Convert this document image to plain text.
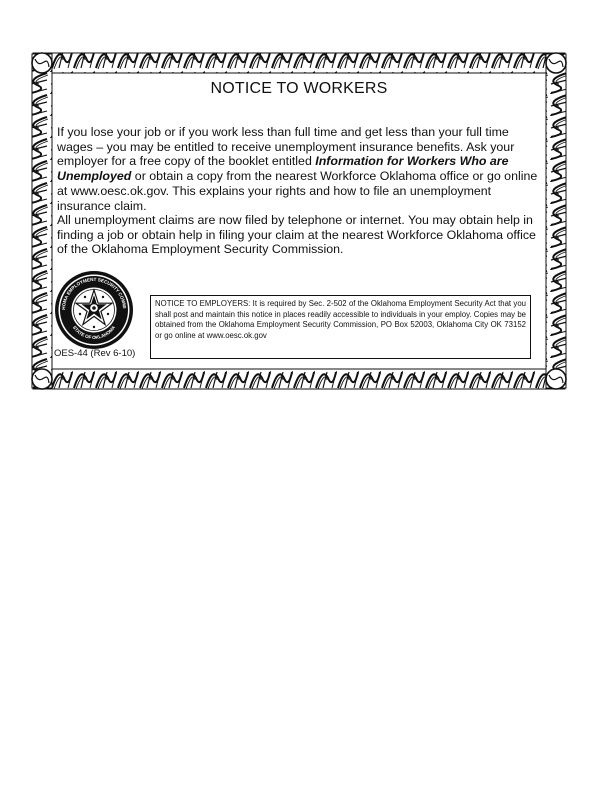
NOTICE TO WORKERS
If you lose your job or if you work less than full time and get less than your full time wages – you may be entitled to receive unemployment insurance benefits. Ask your employer for a free copy of the booklet entitled Information for Workers Who are Unemployed or obtain a copy from the nearest Workforce Oklahoma office or go online at www.oesc.ok.gov. This explains your rights and how to file an unemployment insurance claim.
All unemployment claims are now filed by telephone or internet. You may obtain help in finding a job or obtain help in filing your claim at the nearest Workforce Oklahoma office of the Oklahoma Employment Security Commission.
HOMA EMPLOYMENT SECURITY COMMI
STATE OF OKLAHOMA
OES-44 (Rev 6-10)
NOTICE TO EMPLOYERS: It is required by Sec. 2-502 of the Oklahoma Employment Security Act that you shall post and maintain this notice in places readily accessible to individuals in your employ. Copies may be obtained from the Oklahoma Employment Security Commission, PO Box 52003, Oklahoma City OK 73152 or go online at www.oesc.ok.gov
